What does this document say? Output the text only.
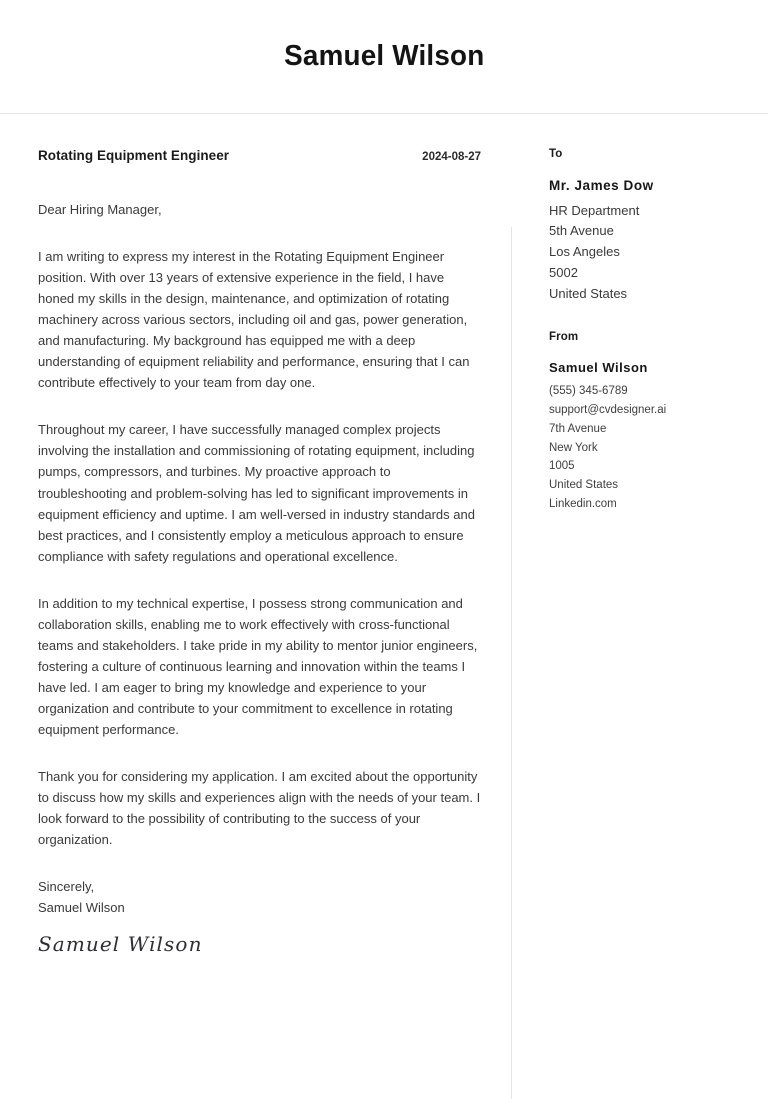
Samuel Wilson
Rotating Equipment Engineer	2024-08-27

Dear Hiring Manager,

I am writing to express my interest in the Rotating Equipment Engineer position. With over 13 years of extensive experience in the field, I have honed my skills in the design, maintenance, and optimization of rotating machinery across various sectors, including oil and gas, power generation, and manufacturing. My background has equipped me with a deep understanding of equipment reliability and performance, ensuring that I can contribute effectively to your team from day one.

Throughout my career, I have successfully managed complex projects involving the installation and commissioning of rotating equipment, including pumps, compressors, and turbines. My proactive approach to troubleshooting and problem-solving has led to significant improvements in equipment efficiency and uptime. I am well-versed in industry standards and best practices, and I consistently employ a meticulous approach to ensure compliance with safety regulations and operational excellence.

In addition to my technical expertise, I possess strong communication and collaboration skills, enabling me to work effectively with cross-functional teams and stakeholders. I take pride in my ability to mentor junior engineers, fostering a culture of continuous learning and innovation within the teams I have led. I am eager to bring my knowledge and experience to your organization and contribute to your commitment to excellence in rotating equipment performance.

Thank you for considering my application. I am excited about the opportunity to discuss how my skills and experiences align with the needs of your team. I look forward to the possibility of contributing to the success of your organization.

Sincerely,
Samuel Wilson
Samuel Wilson
To
Mr. James Dow
HR Department
5th Avenue
Los Angeles
5002
United States
From
Samuel Wilson
(555) 345-6789
support@cvdesigner.ai
7th Avenue
New York
1005
United States
Linkedin.com
